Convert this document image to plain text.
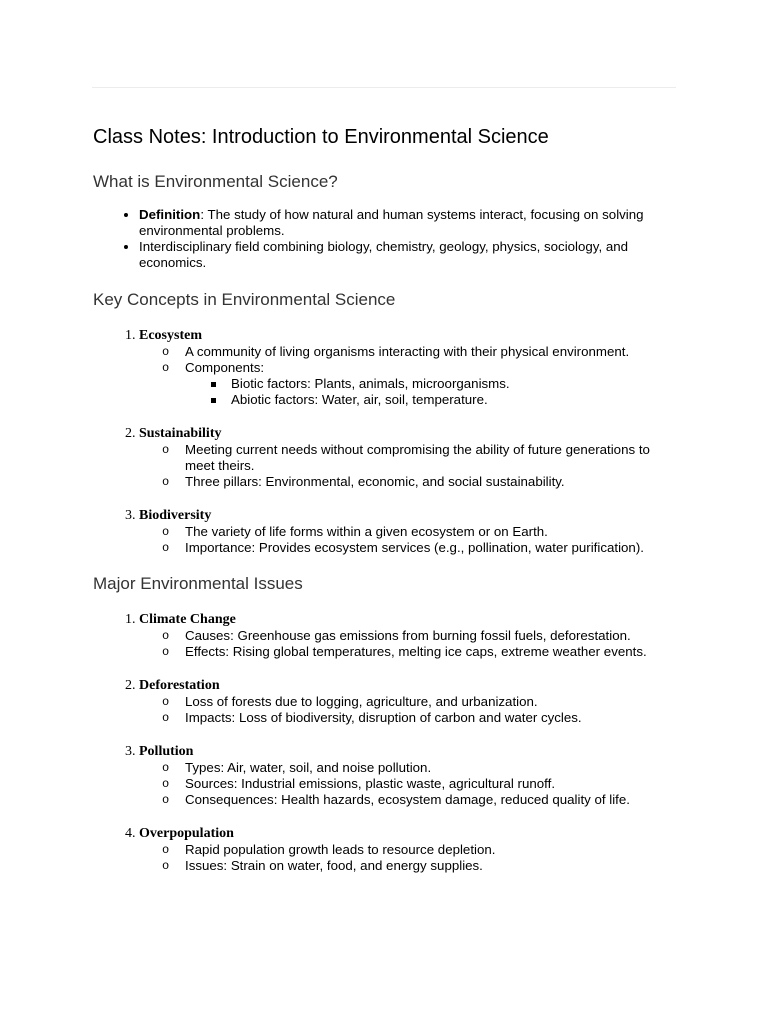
Class Notes: Introduction to Environmental Science
What is Environmental Science?
• Definition: The study of how natural and human systems interact, focusing on solving environmental problems.
• Interdisciplinary field combining biology, chemistry, geology, physics, sociology, and economics.
Key Concepts in Environmental Science
1. Ecosystem
o A community of living organisms interacting with their physical environment.
o Components:
Biotic factors: Plants, animals, microorganisms.
Abiotic factors: Water, air, soil, temperature.
2. Sustainability
o Meeting current needs without compromising the ability of future generations to meet theirs.
o Three pillars: Environmental, economic, and social sustainability.
3. Biodiversity
o The variety of life forms within a given ecosystem or on Earth.
o Importance: Provides ecosystem services (e.g., pollination, water purification).
Major Environmental Issues
1. Climate Change
o Causes: Greenhouse gas emissions from burning fossil fuels, deforestation.
o Effects: Rising global temperatures, melting ice caps, extreme weather events.
2. Deforestation
o Loss of forests due to logging, agriculture, and urbanization.
o Impacts: Loss of biodiversity, disruption of carbon and water cycles.
3. Pollution
o Types: Air, water, soil, and noise pollution.
o Sources: Industrial emissions, plastic waste, agricultural runoff.
o Consequences: Health hazards, ecosystem damage, reduced quality of life.
4. Overpopulation
o Rapid population growth leads to resource depletion.
o Issues: Strain on water, food, and energy supplies.
